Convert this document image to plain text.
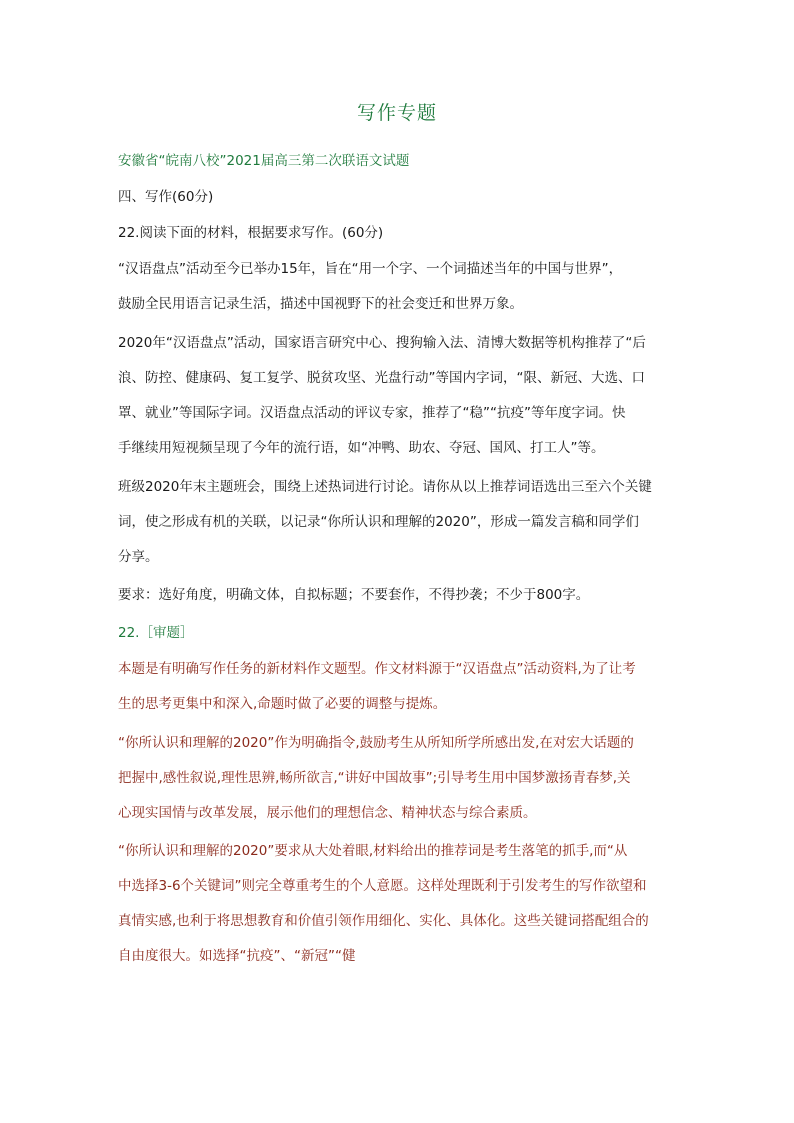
写作专题
安徽省“皖南八校”2021届高三第二次联语文试题
四、写作(60分)
22.阅读下面的材料，根据要求写作。(60分)
“汉语盘点”活动至今已举办15年，旨在“用一个字、一个词描述当年的中国与世界”，
鼓励全民用语言记录生活，描述中国视野下的社会变迁和世界万象。
2020年“汉语盘点”活动，国家语言研究中心、搜狗输入法、清博大数据等机构推荐了“后
浪、防控、健康码、复工复学、脱贫攻坚、光盘行动”等国内字词，“限、新冠、大选、口
罩、就业”等国际字词。汉语盘点活动的评议专家，推荐了“稳”“抗疫”等年度字词。快
手继续用短视频呈现了今年的流行语，如“冲鸭、助农、夺冠、国风、打工人”等。
班级2020年末主题班会，围绕上述热词进行讨论。请你从以上推荐词语选出三至六个关键
词，使之形成有机的关联，以记录“你所认识和理解的2020”，形成一篇发言稿和同学们
分享。
要求：选好角度，明确文体，自拟标题；不要套作，不得抄袭；不少于800字。
22.［审题］
本题是有明确写作任务的新材料作文题型。作文材料源于“汉语盘点”活动资料,为了让考
生的思考更集中和深入,命题时做了必要的调整与提炼。
“你所认识和理解的2020”作为明确指令,鼓励考生从所知所学所感出发,在对宏大话题的
把握中,感性叙说,理性思辨,畅所欲言,“讲好中国故事”;引导考生用中国梦激扬青春梦,关
心现实国情与改革发展，展示他们的理想信念、精神状态与综合素质。
“你所认识和理解的2020”要求从大处着眼,材料给出的推荐词是考生落笔的抓手,而“从
中选择3-6个关键词”则完全尊重考生的个人意愿。这样处理既利于引发考生的写作欲望和
真情实感,也利于将思想教育和价值引领作用细化、实化、具体化。这些关键词搭配组合的
自由度很大。如选择“抗疫”、“新冠”“健
